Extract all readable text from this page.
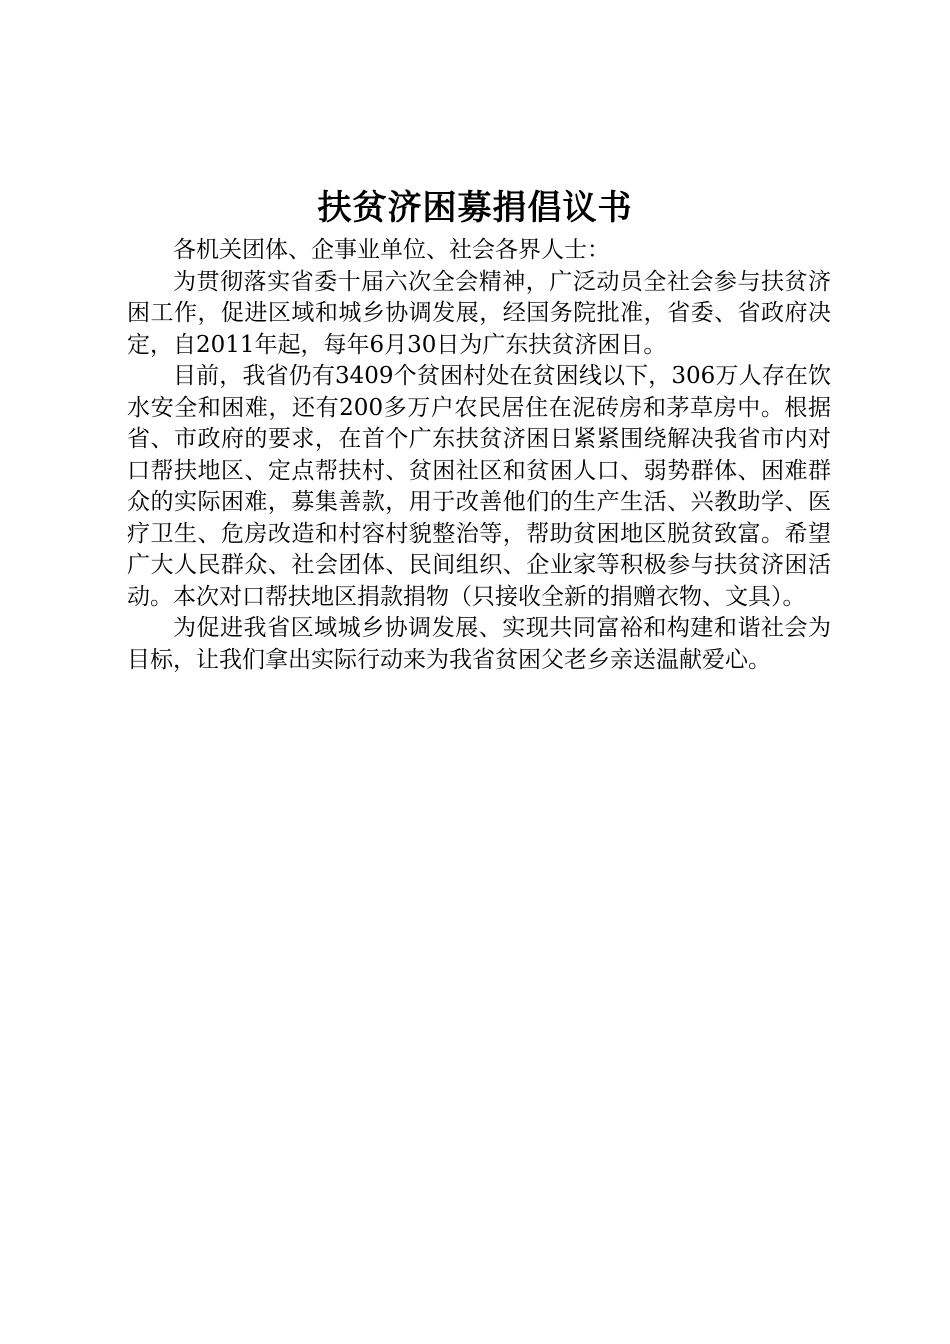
扶贫济困募捐倡议书

各机关团体、企事业单位、社会各界人士：

为贯彻落实省委十届六次全会精神，广泛动员全社会参与扶贫济困工作，促进区域和城乡协调发展，经国务院批准，省委、省政府决定，自2011年起，每年6月30日为广东扶贫济困日。

目前，我省仍有3409个贫困村处在贫困线以下，306万人存在饮水安全和困难，还有200多万户农民居住在泥砖房和茅草房中。根据省、市政府的要求，在首个广东扶贫济困日紧紧围绕解决我省市内对口帮扶地区、定点帮扶村、贫困社区和贫困人口、弱势群体、困难群众的实际困难，募集善款，用于改善他们的生产生活、兴教助学、医疗卫生、危房改造和村容村貌整治等，帮助贫困地区脱贫致富。希望广大人民群众、社会团体、民间组织、企业家等积极参与扶贫济困活动。本次对口帮扶地区捐款捐物（只接收全新的捐赠衣物、文具）。

为促进我省区域城乡协调发展、实现共同富裕和构建和谐社会为目标，让我们拿出实际行动来为我省贫困父老乡亲送温献爱心。
